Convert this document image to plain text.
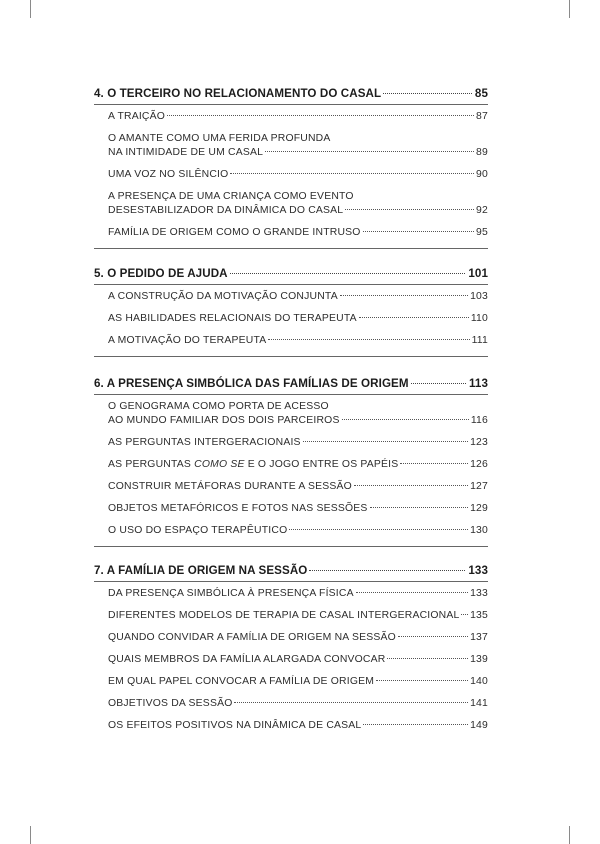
4. O TERCEIRO NO RELACIONAMENTO DO CASAL	85
A TRAIÇÃO	87
O AMANTE COMO UMA FERIDA PROFUNDA
NA INTIMIDADE DE UM CASAL	89
UMA VOZ NO SILÊNCIO	90
A PRESENÇA DE UMA CRIANÇA COMO EVENTO
DESESTABILIZADOR DA DINÂMICA DO CASAL	92
FAMÍLIA DE ORIGEM COMO O GRANDE INTRUSO	95
5. O PEDIDO DE AJUDA	101
A CONSTRUÇÃO DA MOTIVAÇÃO CONJUNTA	103
AS HABILIDADES RELACIONAIS DO TERAPEUTA	110
A MOTIVAÇÃO DO TERAPEUTA	111
6. A PRESENÇA SIMBÓLICA DAS FAMÍLIAS DE ORIGEM	113
O GENOGRAMA COMO PORTA DE ACESSO
AO MUNDO FAMILIAR DOS DOIS PARCEIROS	116
AS PERGUNTAS INTERGERACIONAIS	123
AS PERGUNTAS COMO SE E O JOGO ENTRE OS PAPÉIS	126
CONSTRUIR METÁFORAS DURANTE A SESSÃO	127
OBJETOS METAFÓRICOS E FOTOS NAS SESSÕES	129
O USO DO ESPAÇO TERAPÊUTICO	130
7. A FAMÍLIA DE ORIGEM NA SESSÃO	133
DA PRESENÇA SIMBÓLICA À PRESENÇA FÍSICA	133
DIFERENTES MODELOS DE TERAPIA DE CASAL INTERGERACIONAL 135
QUANDO CONVIDAR A FAMÍLIA DE ORIGEM NA SESSÃO	137
QUAIS MEMBROS DA FAMÍLIA ALARGADA CONVOCAR	139
EM QUAL PAPEL CONVOCAR A FAMÍLIA DE ORIGEM	140
OBJETIVOS DA SESSÃO	141
OS EFEITOS POSITIVOS NA DINÂMICA DE CASAL	149
